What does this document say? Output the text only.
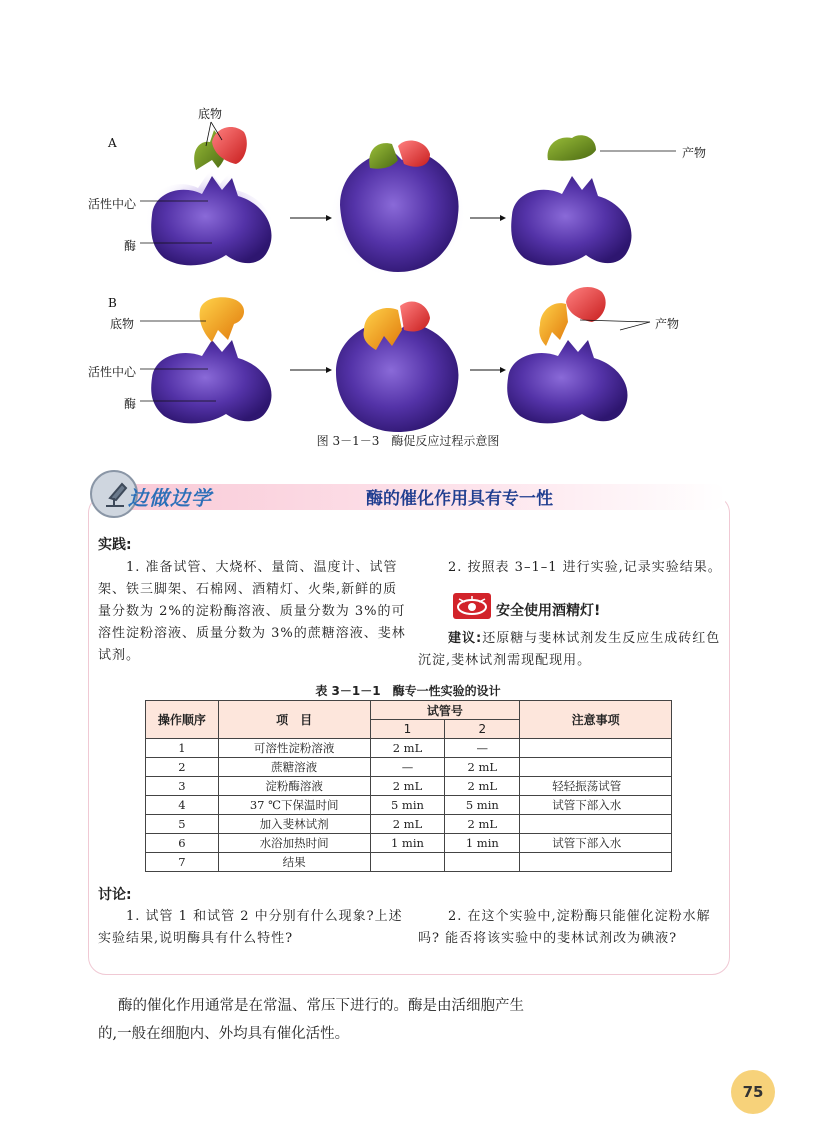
底物
A
活性中心
酶
产物
B
底物
活性中心
酶
产物
图 3－1－3　酶促反应过程示意图
边做边学	酶的催化作用具有专一性
实践:
1. 准备试管、大烧杯、量筒、温度计、试管架、铁三脚架、石棉网、酒精灯、火柴,新鲜的质量分数为 2%的淀粉酶溶液、质量分数为 3%的可溶性淀粉溶液、质量分数为 3%的蔗糖溶液、斐林试剂。
2. 按照表 3–1–1 进行实验,记录实验结果。
安全使用酒精灯!
建议:还原糖与斐林试剂发生反应生成砖红色沉淀,斐林试剂需现配现用。
表 3－1－1　酶专一性实验的设计
操作顺序	项　目	试管号		注意事项
		1	2	
1	可溶性淀粉溶液	2 mL	—	
2	蔗糖溶液	—	2 mL	
3	淀粉酶溶液	2 mL	2 mL	轻轻振荡试管
4	37 ℃下保温时间	5 min	5 min	试管下部入水
5	加入斐林试剂	2 mL	2 mL	
6	水浴加热时间	1 min	1 min	试管下部入水
7	结果			
讨论:
1. 试管 1 和试管 2 中分别有什么现象?上述实验结果,说明酶具有什么特性?
2. 在这个实验中,淀粉酶只能催化淀粉水解吗? 能否将该实验中的斐林试剂改为碘液?
酶的催化作用通常是在常温、常压下进行的。酶是由活细胞产生的,一般在细胞内、外均具有催化活性。
75
